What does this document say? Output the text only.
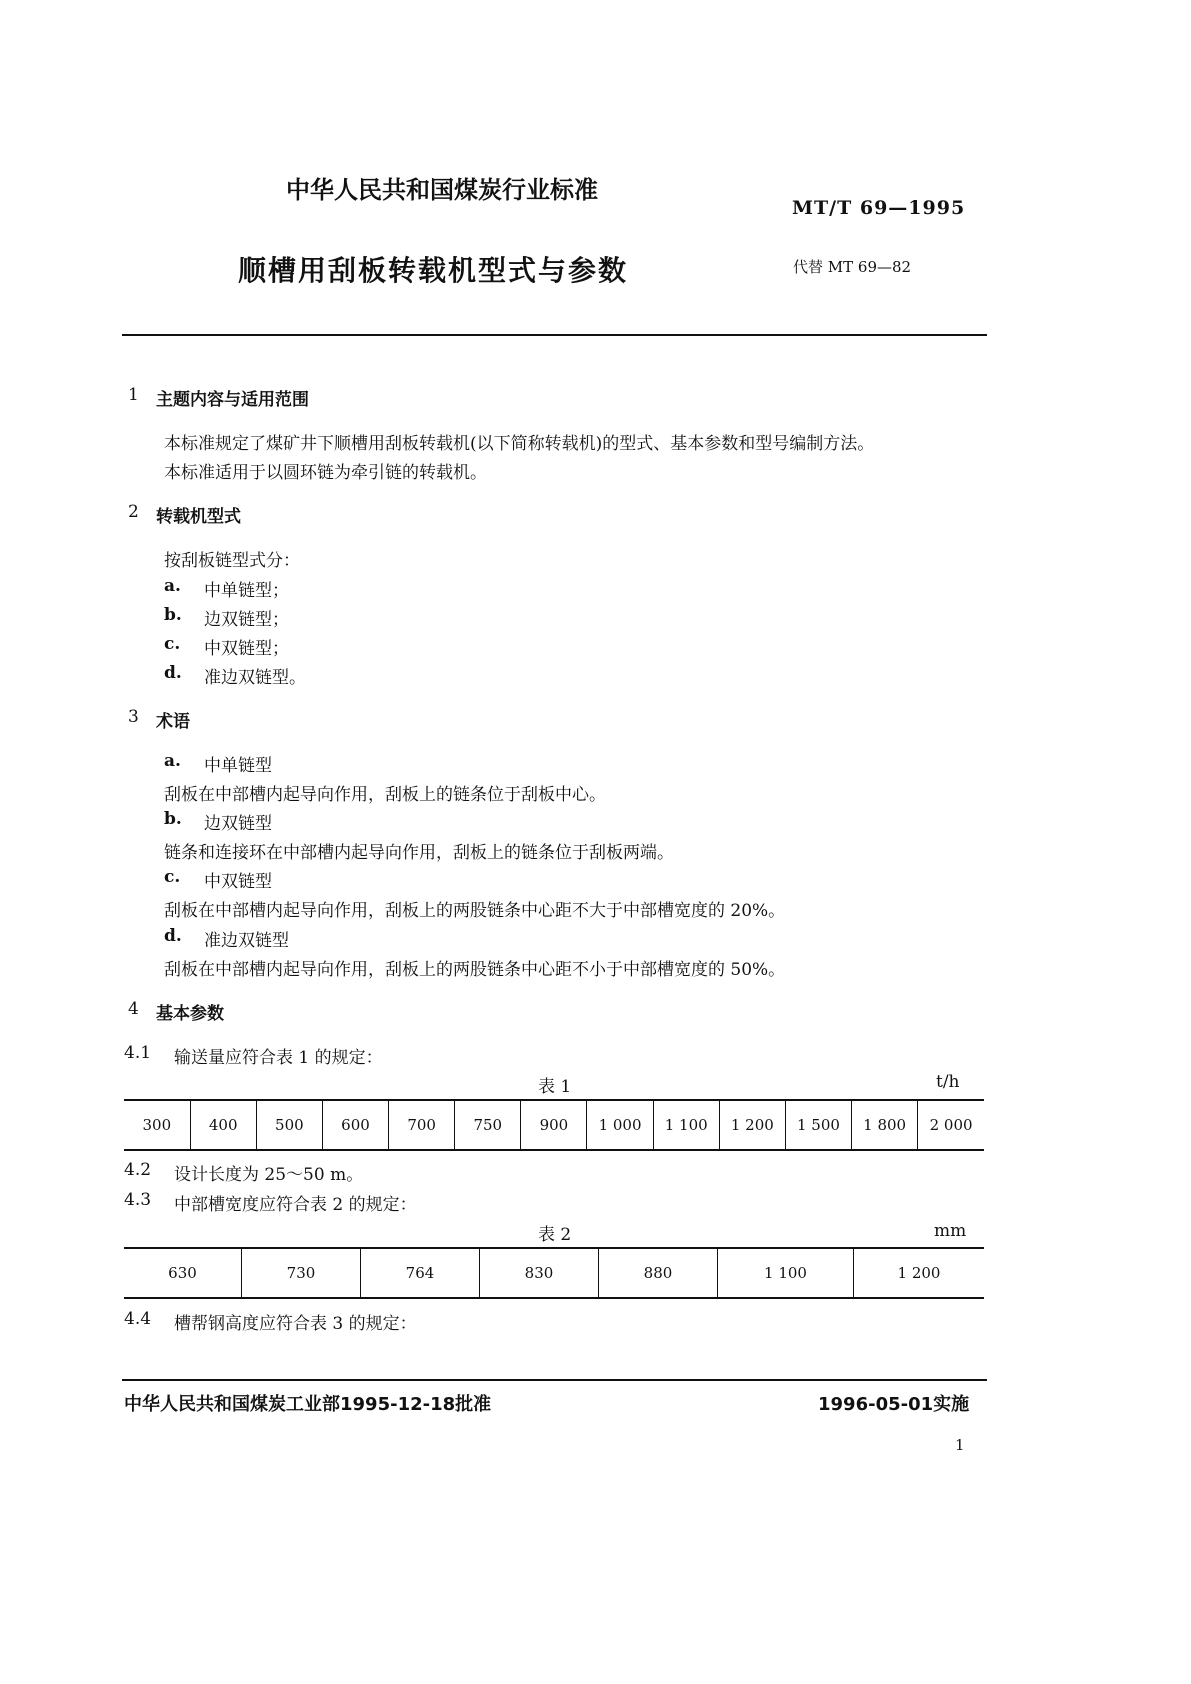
中华人民共和国煤炭行业标准
MT/T 69—1995
顺槽用刮板转载机型式与参数	代替 MT 69—82
1 主题内容与适用范围
本标准规定了煤矿井下顺槽用刮板转载机(以下简称转载机)的型式、基本参数和型号编制方法。
本标准适用于以圆环链为牵引链的转载机。
2 转载机型式
按刮板链型式分：
a. 中单链型；
b. 边双链型；
c. 中双链型；
d. 准边双链型。
3 术语
a. 中单链型
刮板在中部槽内起导向作用，刮板上的链条位于刮板中心。
b. 边双链型
链条和连接环在中部槽内起导向作用，刮板上的链条位于刮板两端。
c. 中双链型
刮板在中部槽内起导向作用，刮板上的两股链条中心距不大于中部槽宽度的 20%。
d. 准边双链型
刮板在中部槽内起导向作用，刮板上的两股链条中心距不小于中部槽宽度的 50%。
4 基本参数
4.1 输送量应符合表 1 的规定：
表 1	t/h
300	400	500	600	700	750	900	1 000	1 100	1 200	1 500	1 800	2 000
4.2 设计长度为 25～50 m。
4.3 中部槽宽度应符合表 2 的规定：
表 2	mm
630	730	764	830	880	1 100	1 200
4.4 槽帮钢高度应符合表 3 的规定：
中华人民共和国煤炭工业部1995-12-18批准	1996-05-01实施
1
